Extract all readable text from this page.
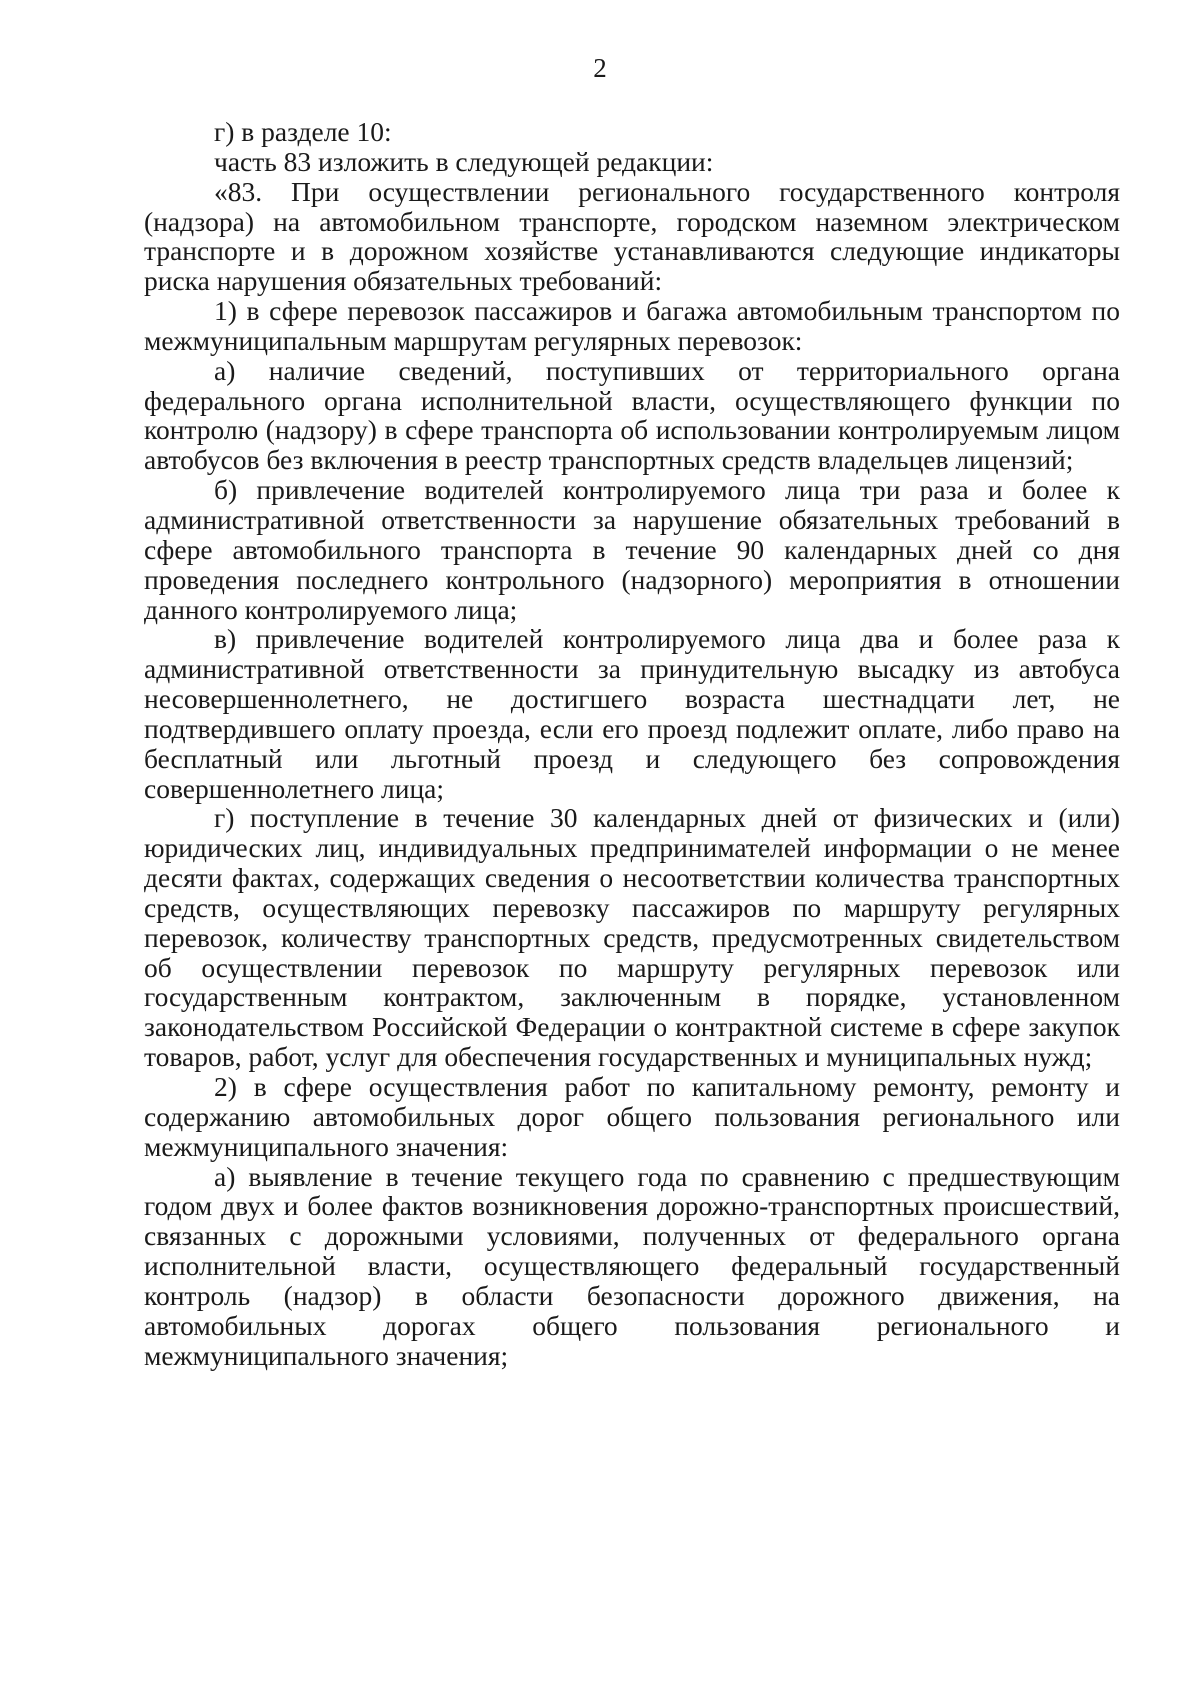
2

г) в разделе 10:

часть 83 изложить в следующей редакции:

«83. При осуществлении регионального государственного контроля (надзора) на автомобильном транспорте, городском наземном электрическом транспорте и в дорожном хозяйстве устанавливаются следующие индикаторы риска нарушения обязательных требований:

1) в сфере перевозок пассажиров и багажа автомобильным транспортом по межмуниципальным маршрутам регулярных перевозок:

а) наличие сведений, поступивших от территориального органа федерального органа исполнительной власти, осуществляющего функции по контролю (надзору) в сфере транспорта об использовании контролируемым лицом автобусов без включения в реестр транспортных средств владельцев лицензий;

б) привлечение водителей контролируемого лица три раза и более к административной ответственности за нарушение обязательных требований в сфере автомобильного транспорта в течение 90 календарных дней со дня проведения последнего контрольного (надзорного) мероприятия в отношении данного контролируемого лица;

в) привлечение водителей контролируемого лица два и более раза к административной ответственности за принудительную высадку из автобуса несовершеннолетнего, не достигшего возраста шестнадцати лет, не подтвердившего оплату проезда, если его проезд подлежит оплате, либо право на бесплатный или льготный проезд и следующего без сопровождения совершеннолетнего лица;

г) поступление в течение 30 календарных дней от физических и (или) юридических лиц, индивидуальных предпринимателей информации о не менее десяти фактах, содержащих сведения о несоответствии количества транспортных средств, осуществляющих перевозку пассажиров по маршруту регулярных перевозок, количеству транспортных средств, предусмотренных свидетельством об осуществлении перевозок по маршруту регулярных перевозок или государственным контрактом, заключенным в порядке, установленном законодательством Российской Федерации о контрактной системе в сфере закупок товаров, работ, услуг для обеспечения государственных и муниципальных нужд;

2) в сфере осуществления работ по капитальному ремонту, ремонту и содержанию автомобильных дорог общего пользования регионального или межмуниципального значения:

а) выявление в течение текущего года по сравнению с предшествующим годом двух и более фактов возникновения дорожно-транспортных происшествий, связанных с дорожными условиями, полученных от федерального органа исполнительной власти, осуществляющего федеральный государственный контроль (надзор) в области безопасности дорожного движения, на автомобильных дорогах общего пользования регионального и межмуниципального значения;
